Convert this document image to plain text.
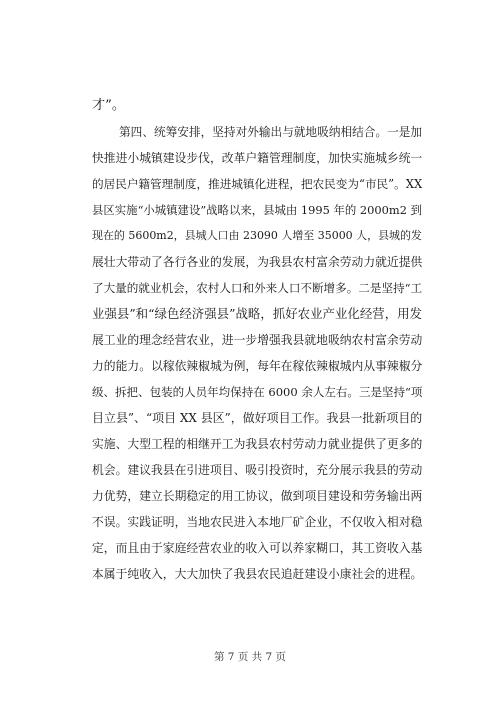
才”。
第四、统筹安排，坚持对外输出与就地吸纳相结合。一是加
快推进小城镇建设步伐，改革户籍管理制度，加快实施城乡统一
的居民户籍管理制度，推进城镇化进程，把农民变为“市民”。XX
县区实施“小城镇建设”战略以来，县城由 1995 年的 2000m2 到
现在的 5600m2，县城人口由 23090 人增至 35000 人，县城的发
展壮大带动了各行各业的发展，为我县农村富余劳动力就近提供
了大量的就业机会，农村人口和外来人口不断增多。二是坚持“工
业强县”和“绿色经济强县”战略，抓好农业产业化经营，用发
展工业的理念经营农业，进一步增强我县就地吸纳农村富余劳动
力的能力。以稼依辣椒城为例，每年在稼依辣椒城内从事辣椒分
级、拆把、包装的人员年均保持在 6000 余人左右。三是坚持“项
目立县”、“项目 XX 县区”，做好项目工作。我县一批新项目的
实施、大型工程的相继开工为我县农村劳动力就业提供了更多的
机会。建议我县在引进项目、吸引投资时，充分展示我县的劳动
力优势，建立长期稳定的用工协议，做到项目建设和劳务输出两
不误。实践证明，当地农民进入本地厂矿企业，不仅收入相对稳
定，而且由于家庭经营农业的收入可以养家糊口，其工资收入基
本属于纯收入，大大加快了我县农民追赶建设小康社会的进程。
第 7 页 共 7 页
